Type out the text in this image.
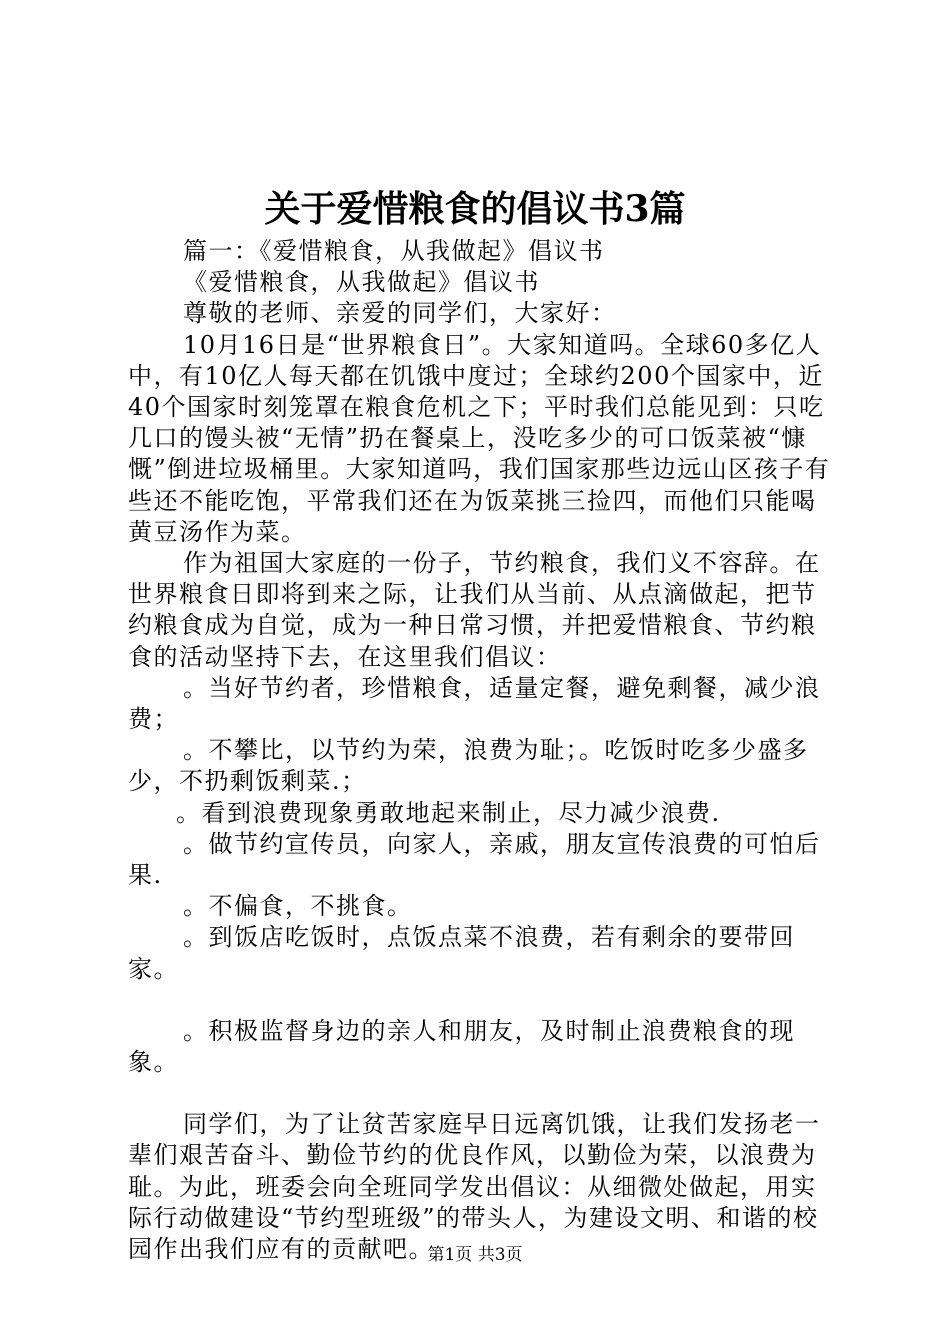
关于爱惜粮食的倡议书3篇

篇一：《爱惜粮食，从我做起》倡议书

《爱惜粮食，从我做起》倡议书

尊敬的老师、亲爱的同学们，大家好：

10月16日是“世界粮食日”。大家知道吗。全球60多亿人中，有10亿人每天都在饥饿中度过；全球约200个国家中，近40个国家时刻笼罩在粮食危机之下；平时我们总能见到：只吃几口的馒头被“无情”扔在餐桌上，没吃多少的可口饭菜被“慷慨”倒进垃圾桶里。大家知道吗，我们国家那些边远山区孩子有些还不能吃饱，平常我们还在为饭菜挑三捡四，而他们只能喝黄豆汤作为菜。

作为祖国大家庭的一份子，节约粮食，我们义不容辞。在世界粮食日即将到来之际，让我们从当前、从点滴做起，把节约粮食成为自觉，成为一种日常习惯，并把爱惜粮食、节约粮食的活动坚持下去，在这里我们倡议：

。当好节约者，珍惜粮食，适量定餐，避免剩餐，减少浪费；

。不攀比，以节约为荣，浪费为耻；。吃饭时吃多少盛多少，不扔剩饭剩菜.；

。看到浪费现象勇敢地起来制止，尽力减少浪费.

。做节约宣传员，向家人，亲戚，朋友宣传浪费的可怕后果.

。不偏食，不挑食。

。到饭店吃饭时，点饭点菜不浪费，若有剩余的要带回家。

。积极监督身边的亲人和朋友，及时制止浪费粮食的现象。

同学们，为了让贫苦家庭早日远离饥饿，让我们发扬老一辈们艰苦奋斗、勤俭节约的优良作风，以勤俭为荣，以浪费为耻。为此，班委会向全班同学发出倡议：从细微处做起，用实际行动做建设“节约型班级”的带头人，为建设文明、和谐的校园作出我们应有的贡献吧。

第1页 共3页
